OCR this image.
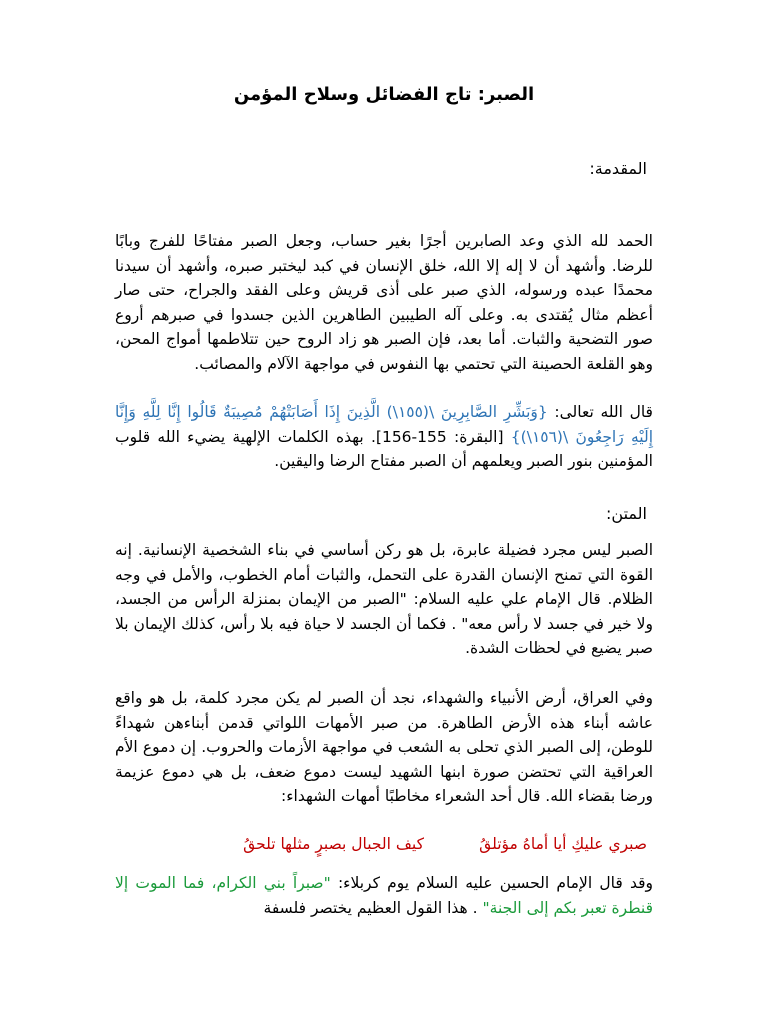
الصبر: تاج الفضائل وسلاح المؤمن
المقدمة:

الحمد لله الذي وعد الصابرين أجرًا بغير حساب، وجعل الصبر مفتاحًا للفرج وبابًا للرضا. وأشهد أن لا إله إلا الله، خلق الإنسان في كبد ليختبر صبره، وأشهد أن سيدنا محمدًا عبده ورسوله، الذي صبر على أذى قريش وعلى الفقد والجراح، حتى صار أعظم مثال يُقتدى به. وعلى آله الطيبين الطاهرين الذين جسدوا في صبرهم أروع صور التضحية والثبات. أما بعد، فإن الصبر هو زاد الروح حين تتلاطمها أمواج المحن، وهو القلعة الحصينة التي تحتمي بها النفوس في مواجهة الآلام والمصائب.

قال الله تعالى: {وَبَشِّرِ الصَّابِرِينَ \(١٥٥\) الَّذِينَ إِذَا أَصَابَتْهُمْ مُصِيبَةٌ قَالُوا إِنَّا لِلَّهِ وَإِنَّا إِلَيْهِ رَاجِعُونَ \(١٥٦\)} [البقرة: 155-156]. بهذه الكلمات الإلهية يضيء الله قلوب المؤمنين بنور الصبر ويعلمهم أن الصبر مفتاح الرضا واليقين.

المتن:

الصبر ليس مجرد فضيلة عابرة، بل هو ركن أساسي في بناء الشخصية الإنسانية. إنه القوة التي تمنح الإنسان القدرة على التحمل، والثبات أمام الخطوب، والأمل في وجه الظلام. قال الإمام علي عليه السلام: "الصبر من الإيمان بمنزلة الرأس من الجسد، ولا خير في جسد لا رأس معه" . فكما أن الجسد لا حياة فيه بلا رأس، كذلك الإيمان بلا صبر يضيع في لحظات الشدة.

وفي العراق، أرض الأنبياء والشهداء، نجد أن الصبر لم يكن مجرد كلمة، بل هو واقع عاشه أبناء هذه الأرض الطاهرة. من صبر الأمهات اللواتي قدمن أبناءهن شهداءً للوطن، إلى الصبر الذي تحلى به الشعب في مواجهة الأزمات والحروب. إن دموع الأم العراقية التي تحتضن صورة ابنها الشهيد ليست دموع ضعف، بل هي دموع عزيمة ورضا بقضاء الله. قال أحد الشعراء مخاطبًا أمهات الشهداء:

صبري عليكِ أيا أماهُ مؤتلقُ
كيف الجبال بصبرٍ مثلها تلحقُ

وقد قال الإمام الحسين عليه السلام يوم كربلاء: "صبراً بني الكرام، فما الموت إلا قنطرة تعبر بكم إلى الجنة" . هذا القول العظيم يختصر فلسفة
